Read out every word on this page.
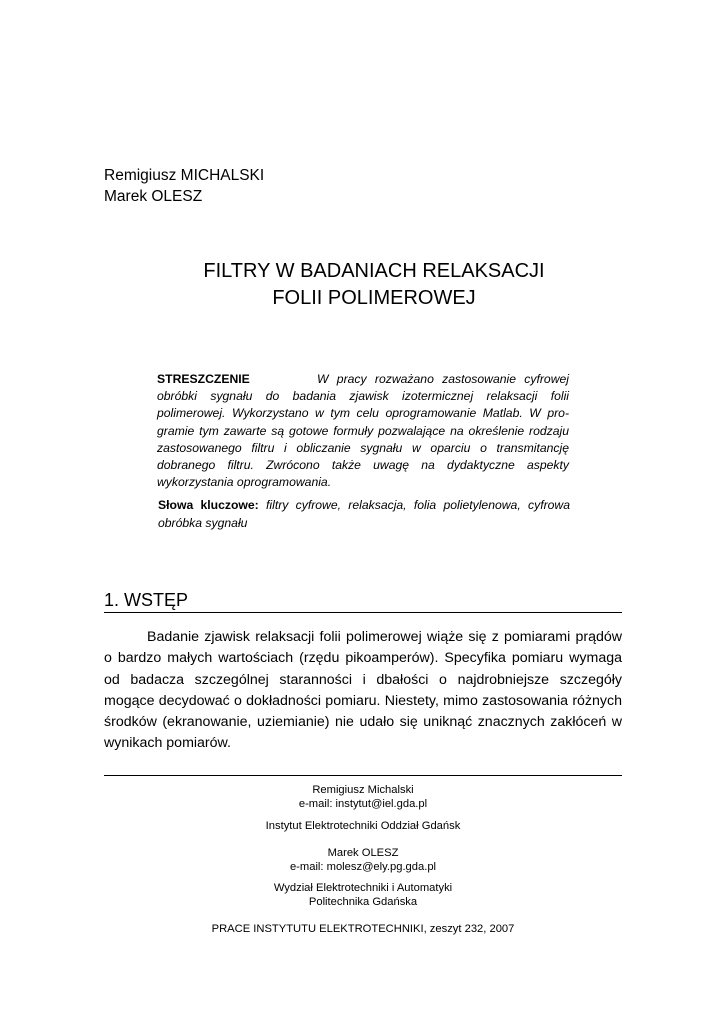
Remigiusz MICHALSKI
Marek OLESZ
FILTRY W BADANIACH RELAKSACJI
FOLII POLIMEROWEJ
STRESZCZENIE	W pracy rozważano zastosowanie cyfrowej obróbki sygnału do badania zjawisk izotermicznej relaksacji folii polimerowej. Wykorzystano w tym celu oprogramowanie Matlab. W programie tym zawarte są gotowe formuły pozwalające na określenie rodzaju zastosowanego filtru i obliczanie sygnału w oparciu o transmitancję dobranego filtru. Zwrócono także uwagę na dydaktyczne aspekty wykorzystania oprogramowania.
Słowa kluczowe: filtry cyfrowe, relaksacja, folia polietylenowa, cyfrowa obróbka sygnału
1. WSTĘP

Badanie zjawisk relaksacji folii polimerowej wiąże się z pomiarami prądów o bardzo małych wartościach (rzędu pikoamperów). Specyfika pomiaru wymaga od badacza szczególnej staranności i dbałości o najdrobniejsze szczegóły mogące decydować o dokładności pomiaru. Niestety, mimo zastosowania różnych środków (ekranowanie, uziemianie) nie udało się uniknąć znacznych zakłóceń w wynikach pomiarów.

Remigiusz Michalski
e-mail: instytut@iel.gda.pl
Instytut Elektrotechniki Oddział Gdańsk
Marek OLESZ
e-mail: molesz@ely.pg.gda.pl
Wydział Elektrotechniki i Automatyki
Politechnika Gdańska
PRACE INSTYTUTU ELEKTROTECHNIKI, zeszyt 232, 2007
